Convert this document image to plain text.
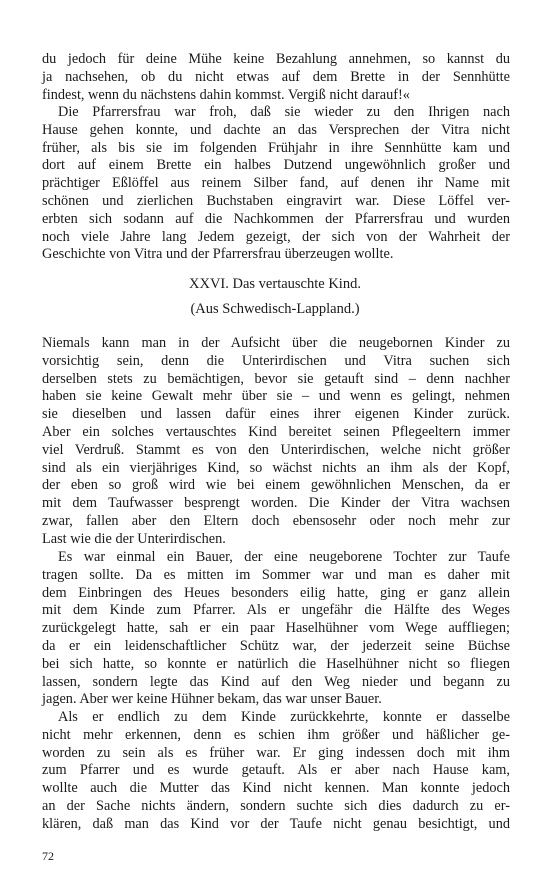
du jedoch für deine Mühe keine Bezahlung annehmen, so kannst du
ja nachsehen, ob du nicht etwas auf dem Brette in der Sennhütte
findest, wenn du nächstens dahin kommst. Vergiß nicht darauf!«
Die Pfarrersfrau war froh, daß sie wieder zu den Ihrigen nach
Hause gehen konnte, und dachte an das Versprechen der Vitra nicht
früher, als bis sie im folgenden Frühjahr in ihre Sennhütte kam und
dort auf einem Brette ein halbes Dutzend ungewöhnlich großer und
prächtiger Eßlöffel aus reinem Silber fand, auf denen ihr Name mit
schönen und zierlichen Buchstaben eingravirt war. Diese Löffel ver-
erbten sich sodann auf die Nachkommen der Pfarrersfrau und wurden
noch viele Jahre lang Jedem gezeigt, der sich von der Wahrheit der
Geschichte von Vitra und der Pfarrersfrau überzeugen wollte.
XXVI. Das vertauschte Kind.
(Aus Schwedisch-Lappland.)
Niemals kann man in der Aufsicht über die neugebornen Kinder zu
vorsichtig sein, denn die Unterirdischen und Vitra suchen sich
derselben stets zu bemächtigen, bevor sie getauft sind – denn nachher
haben sie keine Gewalt mehr über sie – und wenn es gelingt, nehmen
sie dieselben und lassen dafür eines ihrer eigenen Kinder zurück.
Aber ein solches vertauschtes Kind bereitet seinen Pflegeeltern immer
viel Verdruß. Stammt es von den Unterirdischen, welche nicht größer
sind als ein vierjähriges Kind, so wächst nichts an ihm als der Kopf,
der eben so groß wird wie bei einem gewöhnlichen Menschen, da er
mit dem Taufwasser besprengt worden. Die Kinder der Vitra wachsen
zwar, fallen aber den Eltern doch ebensosehr oder noch mehr zur
Last wie die der Unterirdischen.
Es war einmal ein Bauer, der eine neugeborene Tochter zur Taufe
tragen sollte. Da es mitten im Sommer war und man es daher mit
dem Einbringen des Heues besonders eilig hatte, ging er ganz allein
mit dem Kinde zum Pfarrer. Als er ungefähr die Hälfte des Weges
zurückgelegt hatte, sah er ein paar Haselhühner vom Wege auffliegen;
da er ein leidenschaftlicher Schütz war, der jederzeit seine Büchse
bei sich hatte, so konnte er natürlich die Haselhühner nicht so fliegen
lassen, sondern legte das Kind auf den Weg nieder und begann zu
jagen. Aber wer keine Hühner bekam, das war unser Bauer.
Als er endlich zu dem Kinde zurückkehrte, konnte er dasselbe
nicht mehr erkennen, denn es schien ihm größer und häßlicher ge-
worden zu sein als es früher war. Er ging indessen doch mit ihm
zum Pfarrer und es wurde getauft. Als er aber nach Hause kam,
wollte auch die Mutter das Kind nicht kennen. Man konnte jedoch
an der Sache nichts ändern, sondern suchte sich dies dadurch zu er-
klären, daß man das Kind vor der Taufe nicht genau besichtigt, und
72
